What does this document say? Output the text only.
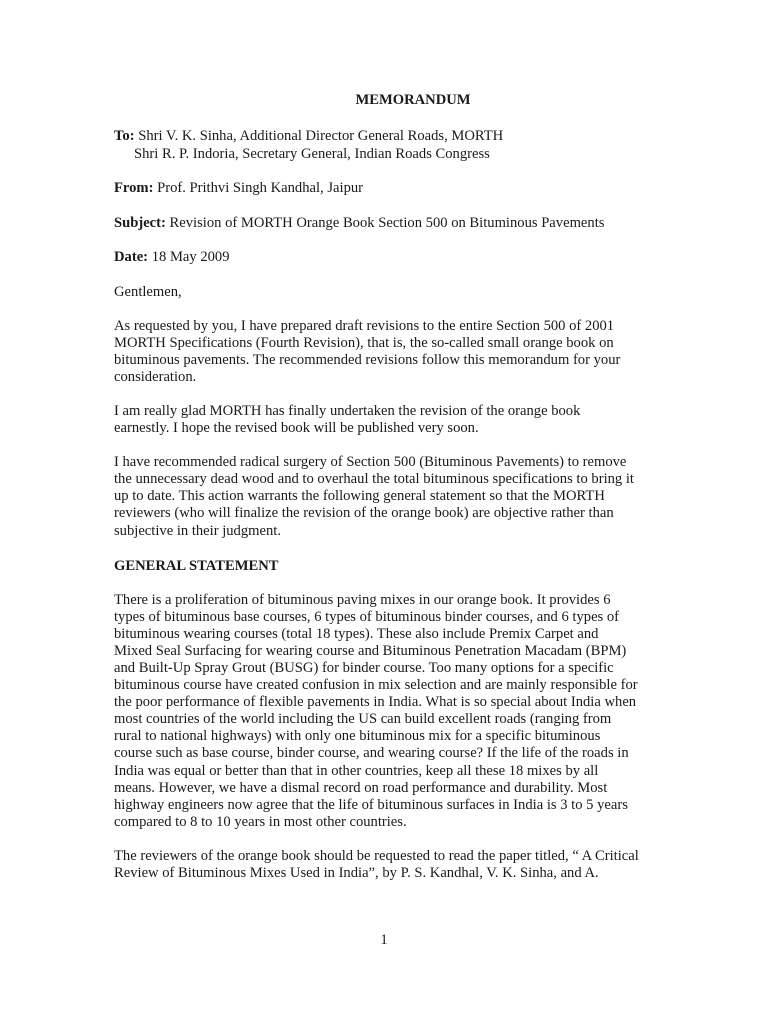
MEMORANDUM
To: Shri V. K. Sinha, Additional Director General Roads, MORTH
Shri R. P. Indoria, Secretary General, Indian Roads Congress
From: Prof. Prithvi Singh Kandhal, Jaipur
Subject: Revision of MORTH Orange Book Section 500 on Bituminous Pavements
Date: 18 May 2009
Gentlemen,
As requested by you, I have prepared draft revisions to the entire Section 500 of 2001
MORTH Specifications (Fourth Revision), that is, the so-called small orange book on
bituminous pavements. The recommended revisions follow this memorandum for your
consideration.
I am really glad MORTH has finally undertaken the revision of the orange book
earnestly. I hope the revised book will be published very soon.
I have recommended radical surgery of Section 500 (Bituminous Pavements) to remove
the unnecessary dead wood and to overhaul the total bituminous specifications to bring it
up to date. This action warrants the following general statement so that the MORTH
reviewers (who will finalize the revision of the orange book) are objective rather than
subjective in their judgment.
GENERAL STATEMENT
There is a proliferation of bituminous paving mixes in our orange book. It provides 6
types of bituminous base courses, 6 types of bituminous binder courses, and 6 types of
bituminous wearing courses (total 18 types). These also include Premix Carpet and
Mixed Seal Surfacing for wearing course and Bituminous Penetration Macadam (BPM)
and Built-Up Spray Grout (BUSG) for binder course. Too many options for a specific
bituminous course have created confusion in mix selection and are mainly responsible for
the poor performance of flexible pavements in India. What is so special about India when
most countries of the world including the US can build excellent roads (ranging from
rural to national highways) with only one bituminous mix for a specific bituminous
course such as base course, binder course, and wearing course? If the life of the roads in
India was equal or better than that in other countries, keep all these 18 mixes by all
means. However, we have a dismal record on road performance and durability. Most
highway engineers now agree that the life of bituminous surfaces in India is 3 to 5 years
compared to 8 to 10 years in most other countries.
The reviewers of the orange book should be requested to read the paper titled, “ A Critical
Review of Bituminous Mixes Used in India”, by P. S. Kandhal, V. K. Sinha, and A.
1
